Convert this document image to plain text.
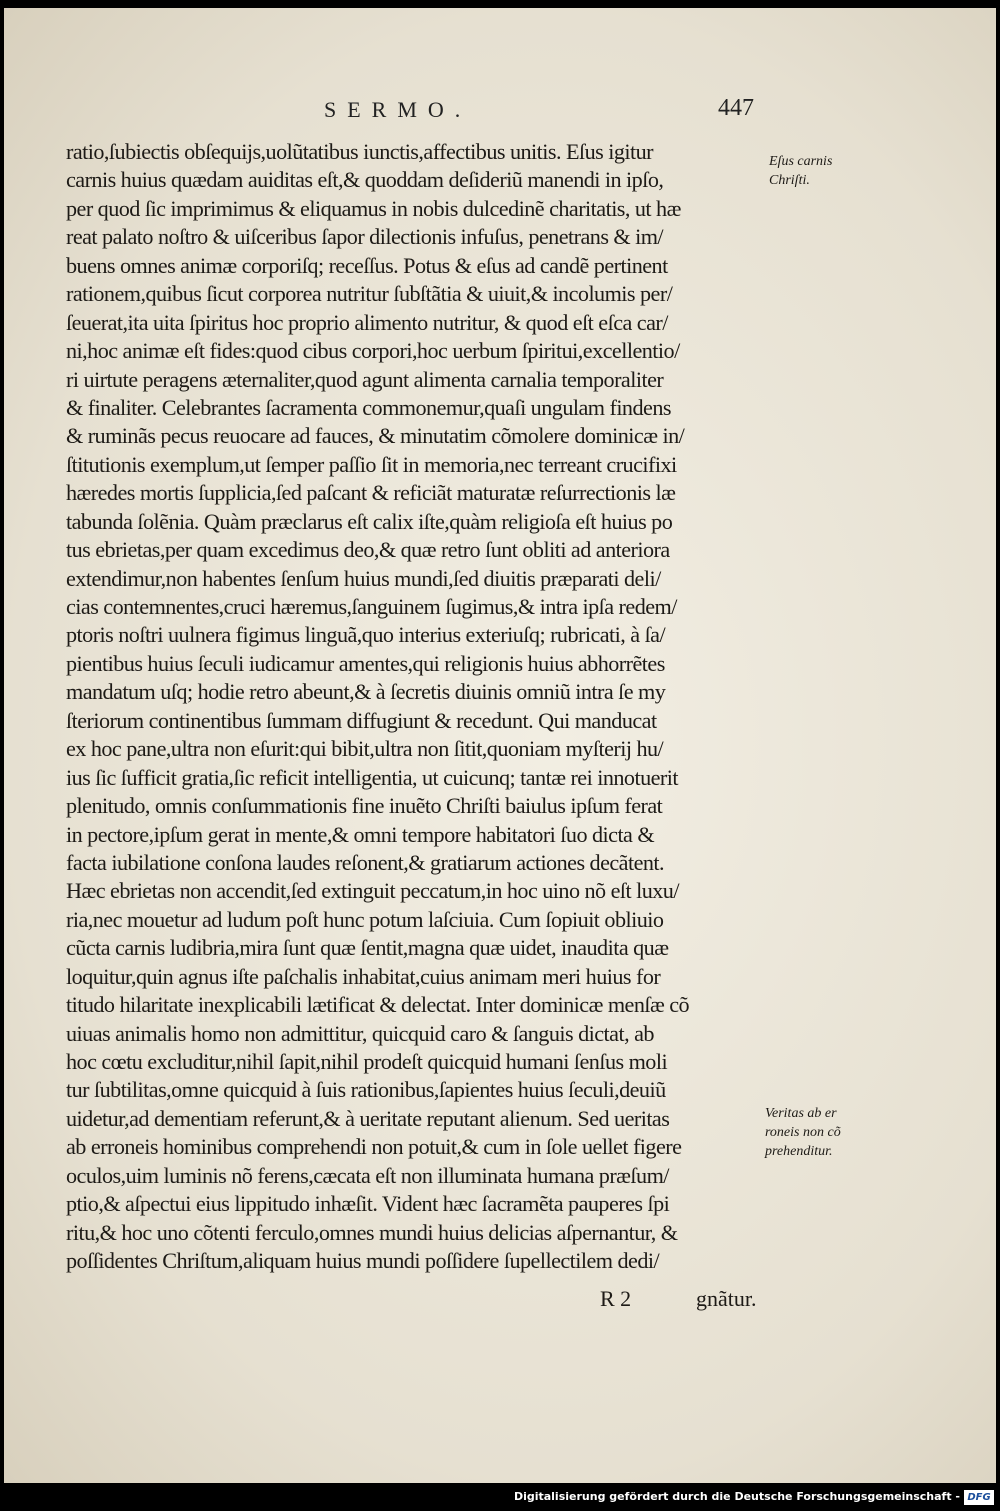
SERMO.	447
ratio,ſubiectis obſequijs,uolũtatibus iunctis,affectibus unitis. Eſus igitur
carnis huius quædam auiditas eſt,& quoddam deſideriũ manendi in ipſo,
per quod ſic imprimimus & eliquamus in nobis dulcedinẽ charitatis, ut hæ
reat palato noſtro & uiſceribus ſapor dilectionis infuſus, penetrans & im/
buens omnes animæ corporiſq; receſſus. Potus & eſus ad candẽ pertinent
rationem,quibus ſicut corporea nutritur ſubſtãtia & uiuit,& incolumis per/
ſeuerat,ita uita ſpiritus hoc proprio alimento nutritur, & quod eſt eſca car/
ni,hoc animæ eſt fides:quod cibus corpori,hoc uerbum ſpiritui,excellentio/
ri uirtute peragens æternaliter,quod agunt alimenta carnalia temporaliter
& finaliter. Celebrantes ſacramenta commonemur,quaſi ungulam findens
& ruminãs pecus reuocare ad fauces, & minutatim cõmolere dominicæ in/
ſtitutionis exemplum,ut ſemper paſſio ſit in memoria,nec terreant crucifixi
hæredes mortis ſupplicia,ſed paſcant & reficiãt maturatæ reſurrectionis læ
tabunda ſolẽnia. Quàm præclarus eſt calix iſte,quàm religioſa eſt huius po
tus ebrietas,per quam excedimus deo,& quæ retro ſunt obliti ad anteriora
extendimur,non habentes ſenſum huius mundi,ſed diuitis præparati deli/
cias contemnentes,cruci hæremus,ſanguinem ſugimus,& intra ipſa redem/
ptoris noſtri uulnera figimus linguã,quo interius exteriuſq; rubricati, à ſa/
pientibus huius ſeculi iudicamur amentes,qui religionis huius abhorrẽtes
mandatum uſq; hodie retro abeunt,& à ſecretis diuinis omniũ intra ſe my
ſteriorum continentibus ſummam diffugiunt & recedunt. Qui manducat
ex hoc pane,ultra non eſurit:qui bibit,ultra non ſitit,quoniam myſterij hu/
ius ſic ſufficit gratia,ſic reficit intelligentia, ut cuicunq; tantæ rei innotuerit
plenitudo, omnis conſummationis fine inuẽto Chriſti baiulus ipſum ferat
in pectore,ipſum gerat in mente,& omni tempore habitatori ſuo dicta &
facta iubilatione conſona laudes reſonent,& gratiarum actiones decãtent.
Hæc ebrietas non accendit,ſed extinguit peccatum,in hoc uino nõ eſt luxu/
ria,nec mouetur ad ludum poſt hunc potum laſciuia. Cum ſopiuit obliuio
cũcta carnis ludibria,mira ſunt quæ ſentit,magna quæ uidet, inaudita quæ
loquitur,quin agnus iſte paſchalis inhabitat,cuius animam meri huius for
titudo hilaritate inexplicabili lætificat & delectat. Inter dominicæ menſæ cõ
uiuas animalis homo non admittitur, quicquid caro & ſanguis dictat, ab
hoc cœtu excluditur,nihil ſapit,nihil prodeſt quicquid humani ſenſus moli
tur ſubtilitas,omne quicquid à ſuis rationibus,ſapientes huius ſeculi,deuiũ
uidetur,ad dementiam referunt,& à ueritate reputant alienum. Sed ueritas
ab erroneis hominibus comprehendi non potuit,& cum in ſole uellet figere
oculos,uim luminis nõ ferens,cæcata eſt non illuminata humana præſum/
ptio,& aſpectui eius lippitudo inhæſit. Vident hæc ſacramẽta pauperes ſpi
ritu,& hoc uno cõtenti ferculo,omnes mundi huius delicias aſpernantur, &
poſſidentes Chriſtum,aliquam huius mundi poſſidere ſupellectilem dedi/
Eſus carnis
Chriſti.
Veritas ab er
roneis non cõ
prehenditur.
R 2	gnãtur.
Digitalisierung gefördert durch die Deutsche Forschungsgemeinschaft - DFG
